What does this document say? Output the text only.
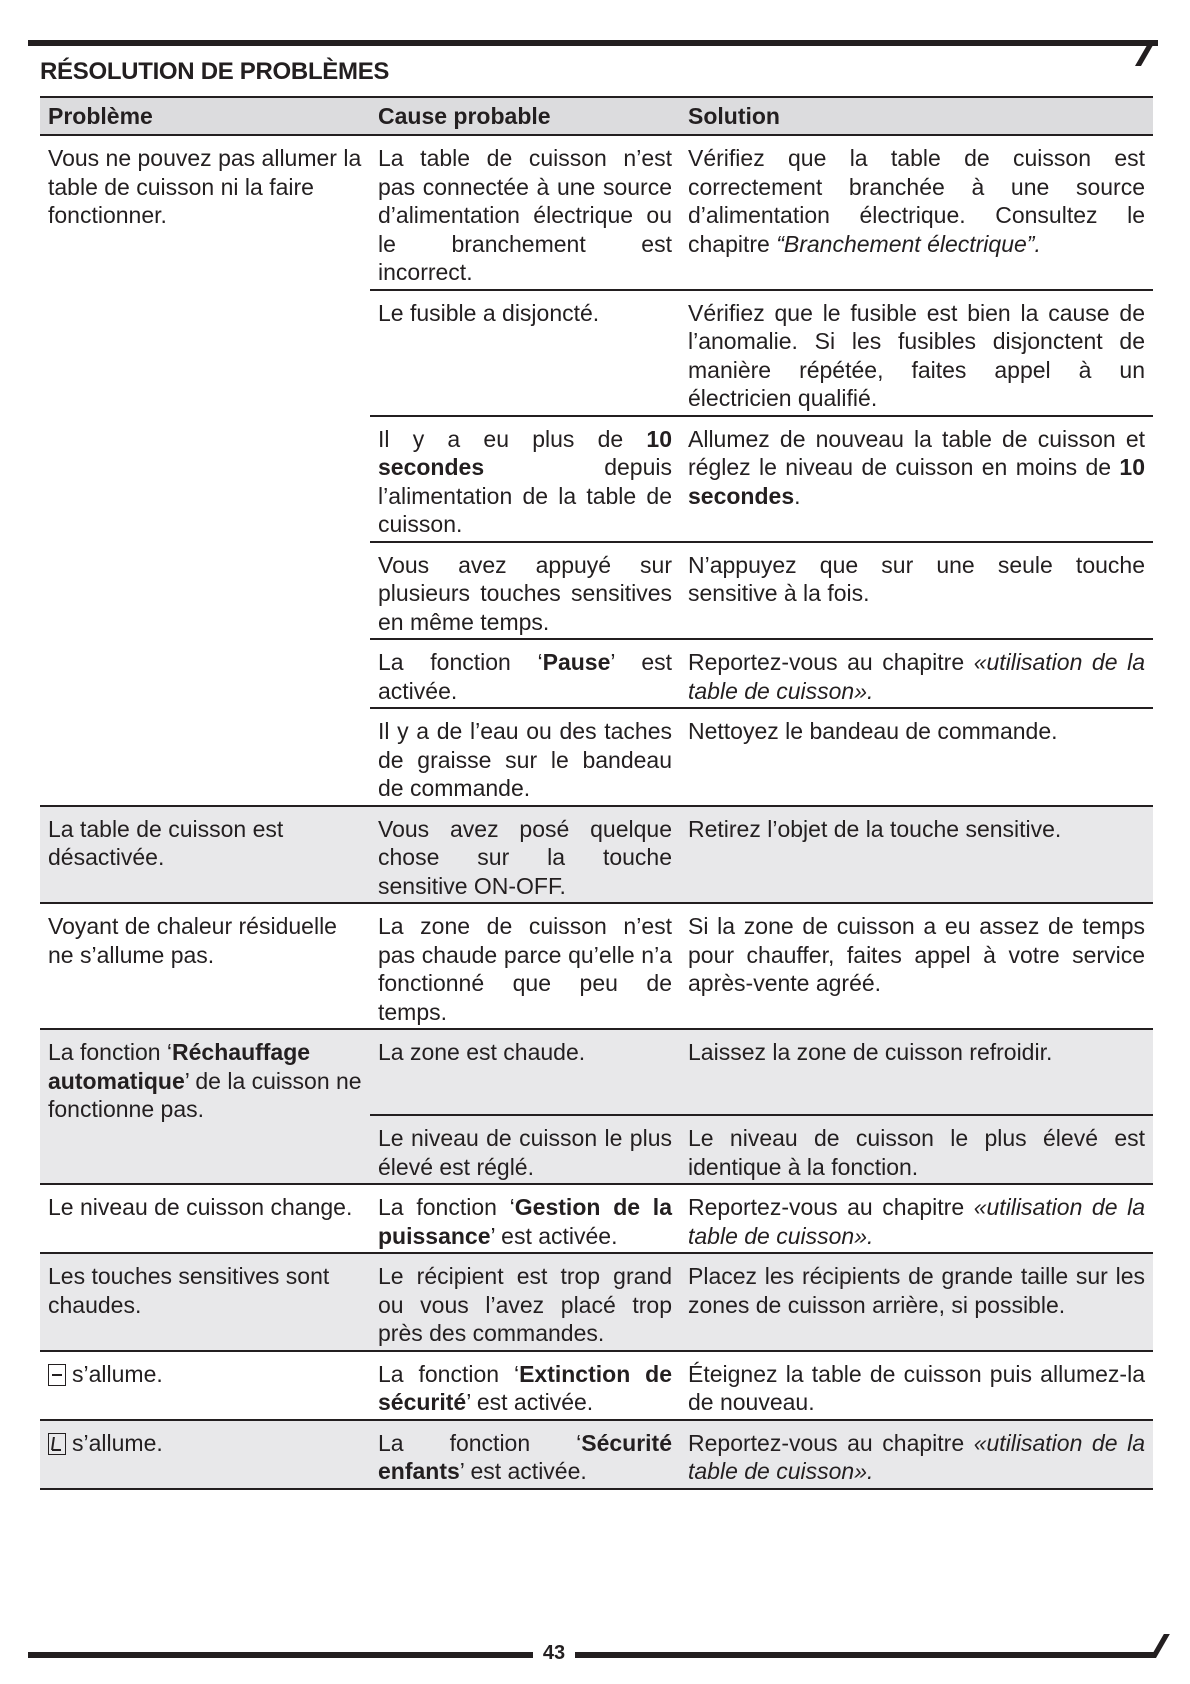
RÉSOLUTION DE PROBLÈMES
Problème	Cause probable	Solution
Vous ne pouvez pas allumer la table de cuisson ni la faire fonctionner.	La table de cuisson n’est pas connectée à une source d’alimentation électrique ou le branchement est incorrect.	Vérifiez que la table de cuisson est correctement branchée à une source d’alimentation électrique. Consultez le chapitre “Branchement électrique”.
	Le fusible a disjoncté.	Vérifiez que le fusible est bien la cause de l’anomalie. Si les fusibles disjonctent de manière répétée, faites appel à un électricien qualifié.
	Il y a eu plus de 10 secondes depuis l’alimentation de la table de cuisson.	Allumez de nouveau la table de cuisson et réglez le niveau de cuisson en moins de 10 secondes.
	Vous avez appuyé sur plusieurs touches sensitives en même temps.	N’appuyez que sur une seule touche sensitive à la fois.
	La fonction ‘Pause’ est activée.	Reportez-vous au chapitre «utilisation de la table de cuisson».
	Il y a de l’eau ou des taches de graisse sur le bandeau de commande.	Nettoyez le bandeau de commande.
La table de cuisson est désactivée.	Vous avez posé quelque chose sur la touche sensitive ON-OFF.	Retirez l’objet de la touche sensitive.
Voyant de chaleur résiduelle ne s’allume pas.	La zone de cuisson n’est pas chaude parce qu’elle n’a fonctionné que peu de temps.	Si la zone de cuisson a eu assez de temps pour chauffer, faites appel à votre service après-vente agréé.
La fonction ‘Réchauffage automatique’ de la cuisson ne fonctionne pas.	La zone est chaude.	Laissez la zone de cuisson refroidir.
	Le niveau de cuisson le plus élevé est réglé.	Le niveau de cuisson le plus élevé est identique à la fonction.
Le niveau de cuisson change.	La fonction ‘Gestion de la puissance’ est activée.	Reportez-vous au chapitre «utilisation de la table de cuisson».
Les touches sensitives sont chaudes.	Le récipient est trop grand ou vous l’avez placé trop près des commandes.	Placez les récipients de grande taille sur les zones de cuisson arrière, si possible.

s’allume.	La fonction ‘Extinction de sécurité’ est activée.	Éteignez la table de cuisson puis allumez-la de nouveau.

s’allume.	La fonction ‘Sécurité enfants’ est activée.	Reportez-vous au chapitre «utilisation de la table de cuisson».
43
